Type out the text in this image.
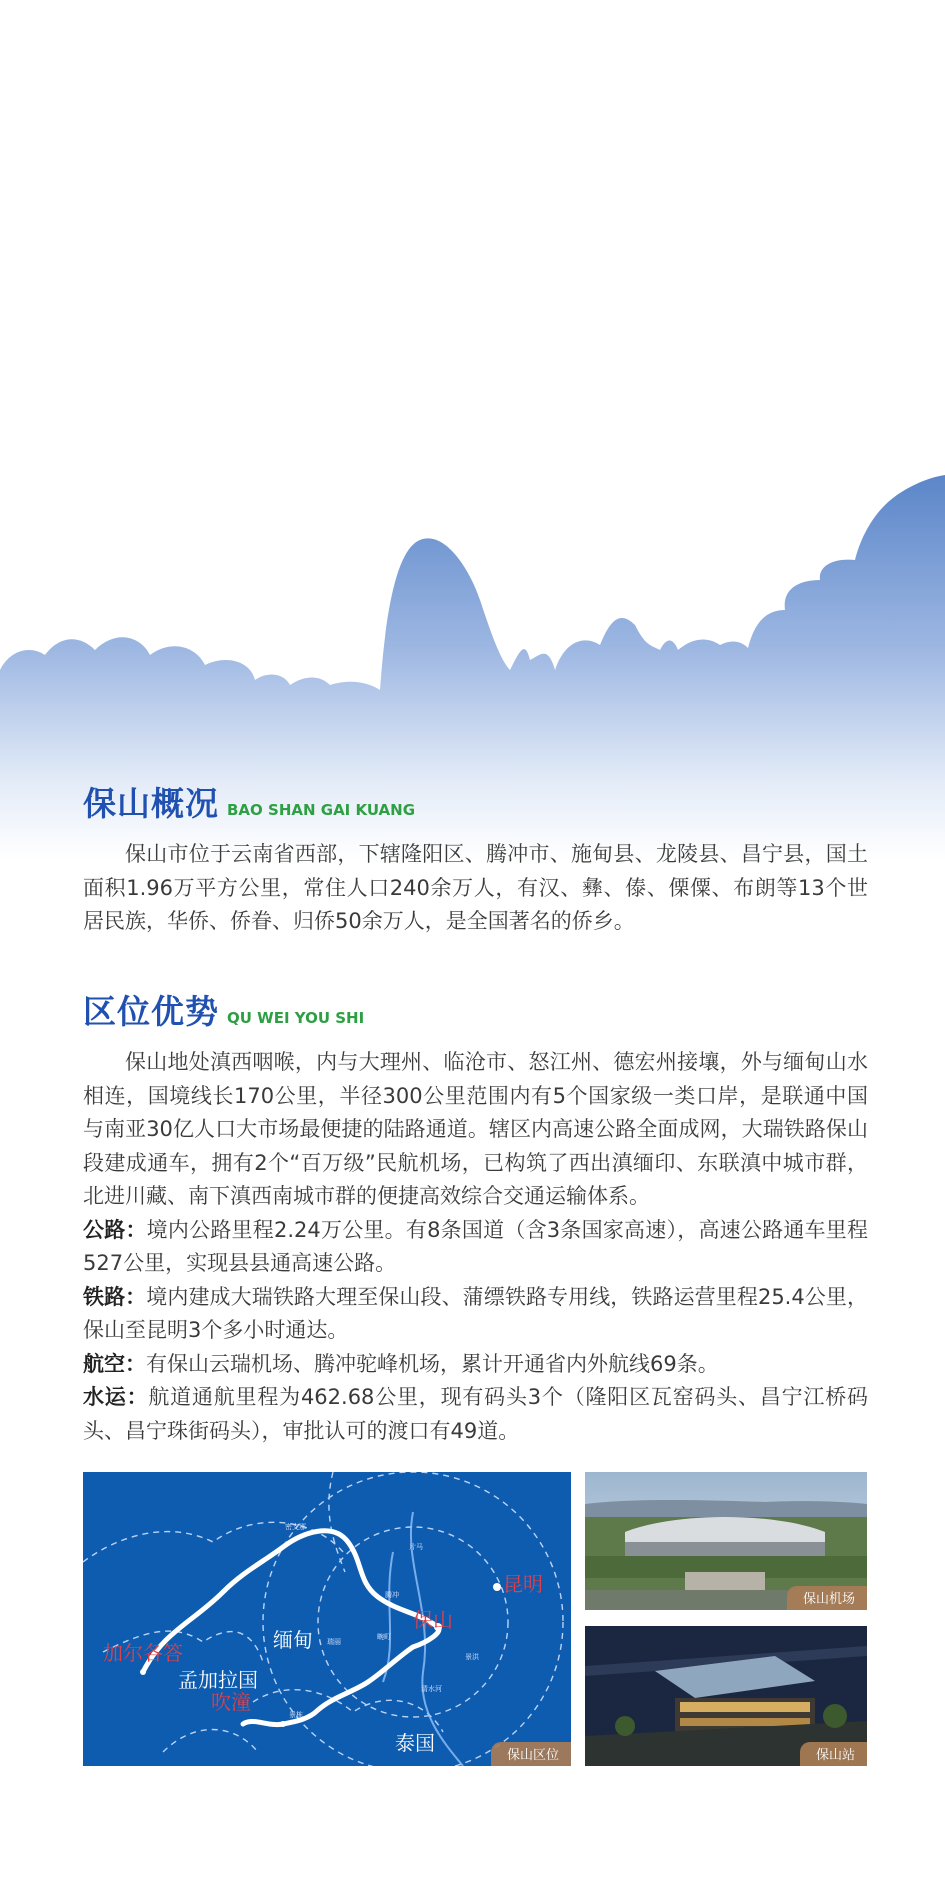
保山概况 BAO SHAN GAI KUANG

保山市位于云南省西部，下辖隆阳区、腾冲市、施甸县、龙陵县、昌宁县，国土面积1.96万平方公里，常住人口240余万人，有汉、彝、傣、傈僳、布朗等13个世居民族，华侨、侨眷、归侨50余万人，是全国著名的侨乡。

区位优势 QU WEI YOU SHI

保山地处滇西咽喉，内与大理州、临沧市、怒江州、德宏州接壤，外与缅甸山水相连，国境线长170公里，半径300公里范围内有5个国家级一类口岸，是联通中国与南亚30亿人口大市场最便捷的陆路通道。辖区内高速公路全面成网，大瑞铁路保山段建成通车，拥有2个“百万级”民航机场，已构筑了西出滇缅印、东联滇中城市群，北进川藏、南下滇西南城市群的便捷高效综合交通运输体系。

公路：境内公路里程2.24万公里。有8条国道（含3条国家高速），高速公路通车里程527公里，实现县县通高速公路。

铁路：境内建成大瑞铁路大理至保山段、蒲缥铁路专用线，铁路运营里程25.4公里，保山至昆明3个多小时通达。

航空：有保山云瑞机场、腾冲驼峰机场，累计开通省内外航线69条。

水运：航道通航里程为462.68公里，现有码头3个（隆阳区瓦窑码头、昌宁江桥码头、昌宁珠街码头），审批认可的渡口有49道。

昆明
保山
缅甸
加尔各答
孟加拉国
吹潼
泰国
密支那
瑞丽
腾冲
畹町
景栋
清水河
片马
景洪
保山区位
保山机场
保山站
